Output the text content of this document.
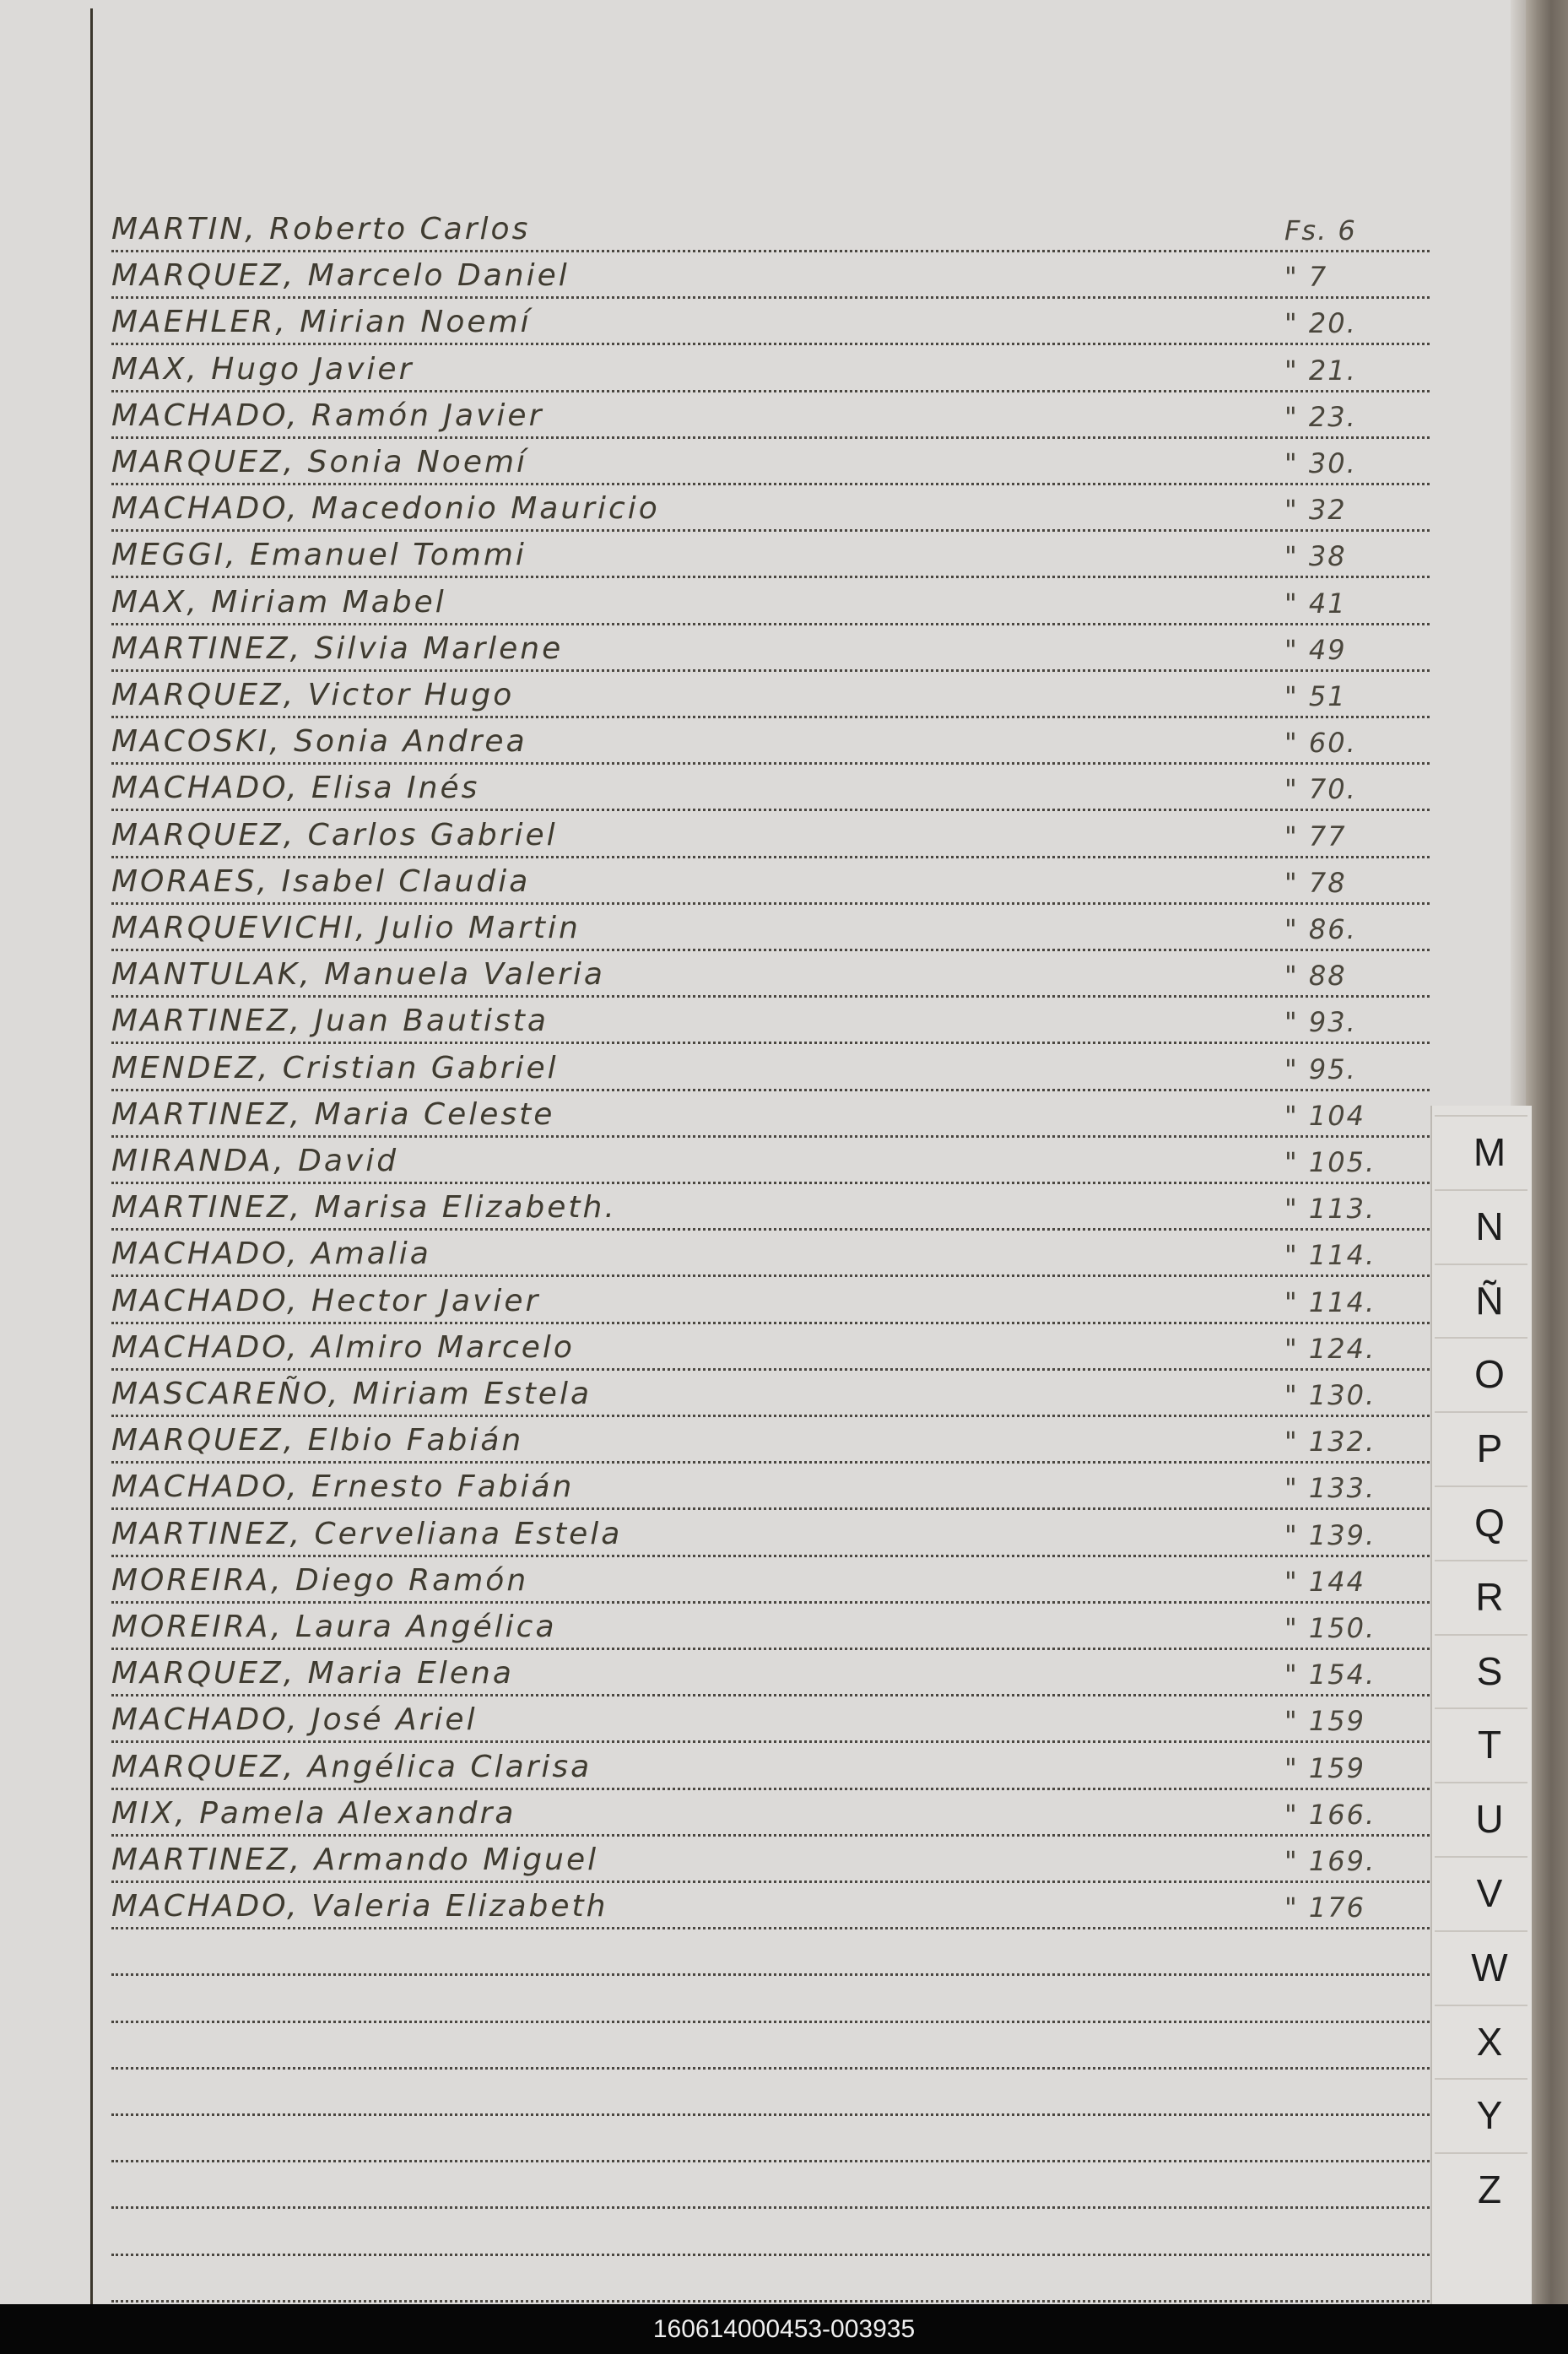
MARTIN, Roberto Carlos	Fs. 6
MARQUEZ, Marcelo Daniel	" 7
MAEHLER, Mirian Noemí	" 20.
MAX, Hugo Javier	" 21.
MACHADO, Ramón Javier	" 23.
MARQUEZ, Sonia Noemí	" 30.
MACHADO, Macedonio Mauricio	" 32
MEGGI, Emanuel Tommi	" 38
MAX, Miriam Mabel	" 41
MARTINEZ, Silvia Marlene	" 49
MARQUEZ, Victor Hugo	" 51
MACOSKI, Sonia Andrea	" 60.
MACHADO, Elisa Inés	" 70.
MARQUEZ, Carlos Gabriel	" 77
MORAES, Isabel Claudia	" 78
MARQUEVICHI, Julio Martin	" 86.
MANTULAK, Manuela Valeria	" 88
MARTINEZ, Juan Bautista	" 93.
MENDEZ, Cristian Gabriel	" 95.
MARTINEZ, Maria Celeste	" 104
MIRANDA, David	" 105.
MARTINEZ, Marisa Elizabeth.	" 113.
MACHADO, Amalia	" 114.
MACHADO, Hector Javier	" 114.
MACHADO, Almiro Marcelo	" 124.
MASCAREÑO, Miriam Estela	" 130.
MARQUEZ, Elbio Fabián	" 132.
MACHADO, Ernesto Fabián	" 133.
MARTINEZ, Cerveliana Estela	" 139.
MOREIRA, Diego Ramón	" 144
MOREIRA, Laura Angélica	" 150.
MARQUEZ, Maria Elena	" 154.
MACHADO, José Ariel	" 159
MARQUEZ, Angélica Clarisa	" 159
MIX, Pamela Alexandra	" 166.
MARTINEZ, Armando Miguel	" 169.
MACHADO, Valeria Elizabeth	" 176
M
N
Ñ
O
P
Q
R
S
T
U
V
W
X
Y
Z
160614000453-003935
